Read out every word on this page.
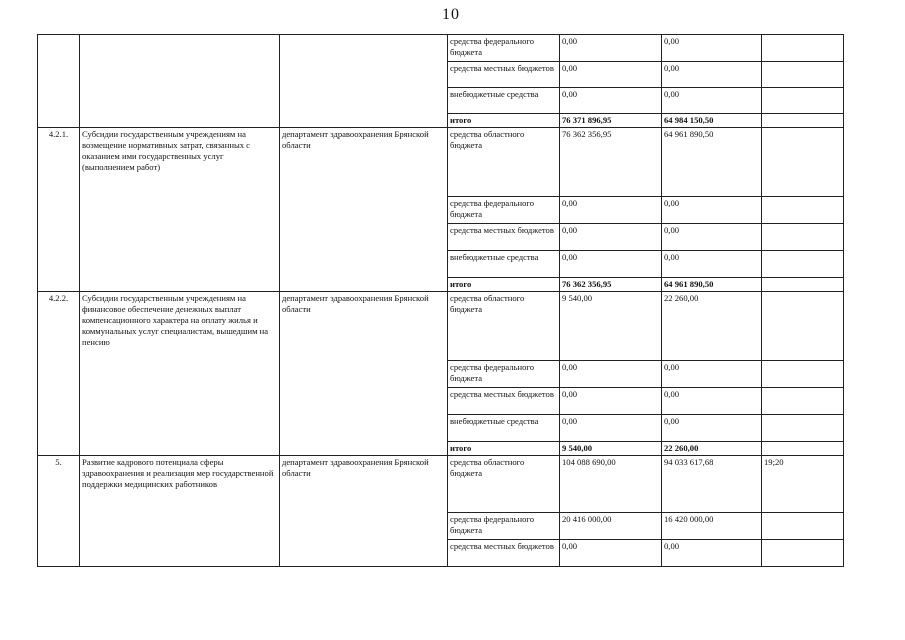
10
			средства федерального бюджета	0,00	0,00	
			средства местных бюджетов	0,00	0,00	
			внебюджетные средства	0,00	0,00	
			итого	76 371 896,95	64 984 150,50	
4.2.1.	Субсидии государственным учреждениям на возмещение нормативных затрат, связанных с оказанием ими государственных услуг (выполнением работ)	департамент здравоохранения Брянской области	средства областного бюджета	76 362 356,95	64 961 890,50	
			средства федерального бюджета	0,00	0,00	
			средства местных бюджетов	0,00	0,00	
			внебюджетные средства	0,00	0,00	
			итого	76 362 356,95	64 961 890,50	
4.2.2.	Субсидии государственным учреждениям на финансовое обеспечение денежных выплат компенсационного характера на оплату жилья и коммунальных услуг специалистам, вышедшим на пенсию	департамент здравоохранения Брянской области	средства областного бюджета	9 540,00	22 260,00	
			средства федерального бюджета	0,00	0,00	
			средства местных бюджетов	0,00	0,00	
			внебюджетные средства	0,00	0,00	
			итого	9 540,00	22 260,00	
5.	Развитие кадрового потенциала сферы здравоохранения и реализация мер государственной поддержки медицинских работников	департамент здравоохранения Брянской области	средства областного бюджета	104 088 690,00	94 033 617,68	19;20
			средства федерального бюджета	20 416 000,00	16 420 000,00	
			средства местных бюджетов	0,00	0,00	
